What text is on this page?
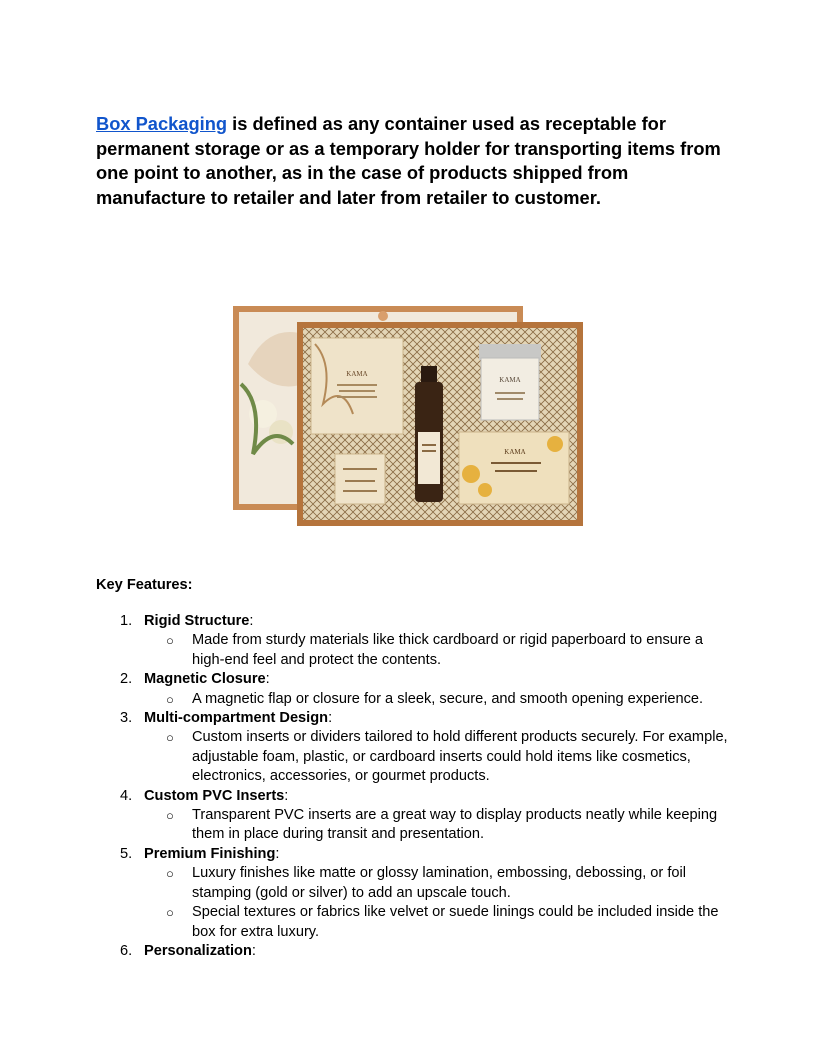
Box Packaging is defined as any container used as receptable for permanent storage or as a temporary holder for transporting items from one point to another, as in the case of products shipped from manufacture to retailer and later from retailer to customer.

KAMA
KAMA
KAMA

Key Features:

1. Rigid Structure:
○ Made from sturdy materials like thick cardboard or rigid paperboard to ensure a high-end feel and protect the contents.
2. Magnetic Closure:
○ A magnetic flap or closure for a sleek, secure, and smooth opening experience.
3. Multi-compartment Design:
○ Custom inserts or dividers tailored to hold different products securely. For example, adjustable foam, plastic, or cardboard inserts could hold items like cosmetics, electronics, accessories, or gourmet products.
4. Custom PVC Inserts:
○ Transparent PVC inserts are a great way to display products neatly while keeping them in place during transit and presentation.
5. Premium Finishing:
○ Luxury finishes like matte or glossy lamination, embossing, debossing, or foil stamping (gold or silver) to add an upscale touch.
○ Special textures or fabrics like velvet or suede linings could be included inside the box for extra luxury.
6. Personalization:
